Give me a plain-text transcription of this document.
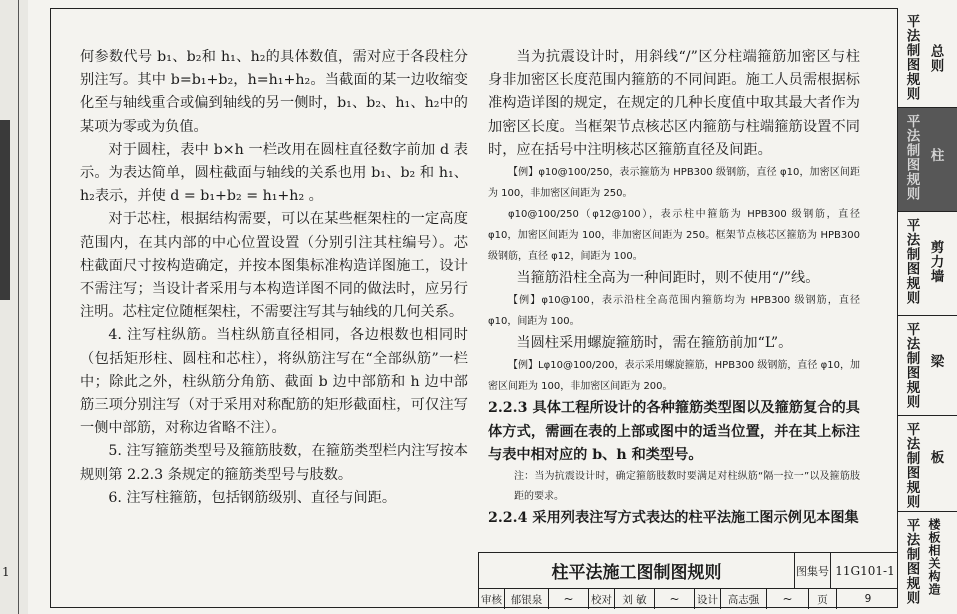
1

何参数代号 b₁、b₂和 h₁、h₂的具体数值，需对应于各段柱分别注写。其中 b=b₁+b₂，h=h₁+h₂。当截面的某一边收缩变化至与轴线重合或偏到轴线的另一侧时，b₁、b₂、h₁、h₂中的某项为零或为负值。

对于圆柱，表中 b×h 一栏改用在圆柱直径数字前加 d 表示。为表达简单，圆柱截面与轴线的关系也用 b₁、b₂ 和 h₁、h₂表示，并使 d = b₁+b₂ = h₁+h₂ 。

对于芯柱，根据结构需要，可以在某些框架柱的一定高度范围内，在其内部的中心位置设置（分别引注其柱编号）。芯柱截面尺寸按构造确定，并按本图集标准构造详图施工，设计不需注写；当设计者采用与本构造详图不同的做法时，应另行注明。芯柱定位随框架柱，不需要注写其与轴线的几何关系。

4. 注写柱纵筋。当柱纵筋直径相同，各边根数也相同时（包括矩形柱、圆柱和芯柱），将纵筋注写在“全部纵筋”一栏中；除此之外，柱纵筋分角筋、截面 b 边中部筋和 h 边中部筋三项分别注写（对于采用对称配筋的矩形截面柱，可仅注写一侧中部筋，对称边省略不注）。

5. 注写箍筋类型号及箍筋肢数，在箍筋类型栏内注写按本规则第 2.2.3 条规定的箍筋类型号与肢数。

6. 注写柱箍筋，包括钢筋级别、直径与间距。

当为抗震设计时，用斜线“/”区分柱端箍筋加密区与柱身非加密区长度范围内箍筋的不同间距。施工人员需根据标准构造详图的规定，在规定的几种长度值中取其最大者作为加密区长度。当框架节点核芯区内箍筋与柱端箍筋设置不同时，应在括号中注明核芯区箍筋直径及间距。

【例】φ10@100/250，表示箍筋为 HPB300 级钢筋，直径 φ10，加密区间距为 100，非加密区间距为 250。

φ10@100/250（φ12@100），表示柱中箍筋为 HPB300 级钢筋，直径 φ10，加密区间距为 100，非加密区间距为 250。框架节点核芯区箍筋为 HPB300 级钢筋，直径 φ12，间距为 100。

当箍筋沿柱全高为一种间距时，则不使用“/”线。

【例】φ10@100，表示沿柱全高范围内箍筋均为 HPB300 级钢筋，直径 φ10，间距为 100。

当圆柱采用螺旋箍筋时，需在箍筋前加“L”。

【例】Lφ10@100/200，表示采用螺旋箍筋，HPB300 级钢筋，直径 φ10，加密区间距为 100，非加密区间距为 200。

2.2.3 具体工程所设计的各种箍筋类型图以及箍筋复合的具体方式，需画在表的上部或图中的适当位置，并在其上标注与表中相对应的 b、h 和类型号。

注：当为抗震设计时，确定箍筋肢数时要满足对柱纵筋“隔一拉一”以及箍筋肢距的要求。

2.2.4 采用列表注写方式表达的柱平法施工图示例见本图集

柱平法施工图制图规则	图集号 11G101-1
审核 郁银泉	~	校对 刘 敏	~	设计 高志强	~	页	9
平法制图规则 总则
平法制图规则 柱
平法制图规则 剪力墙
平法制图规则 梁
平法制图规则 板
平法制图规则 楼板相关构造
